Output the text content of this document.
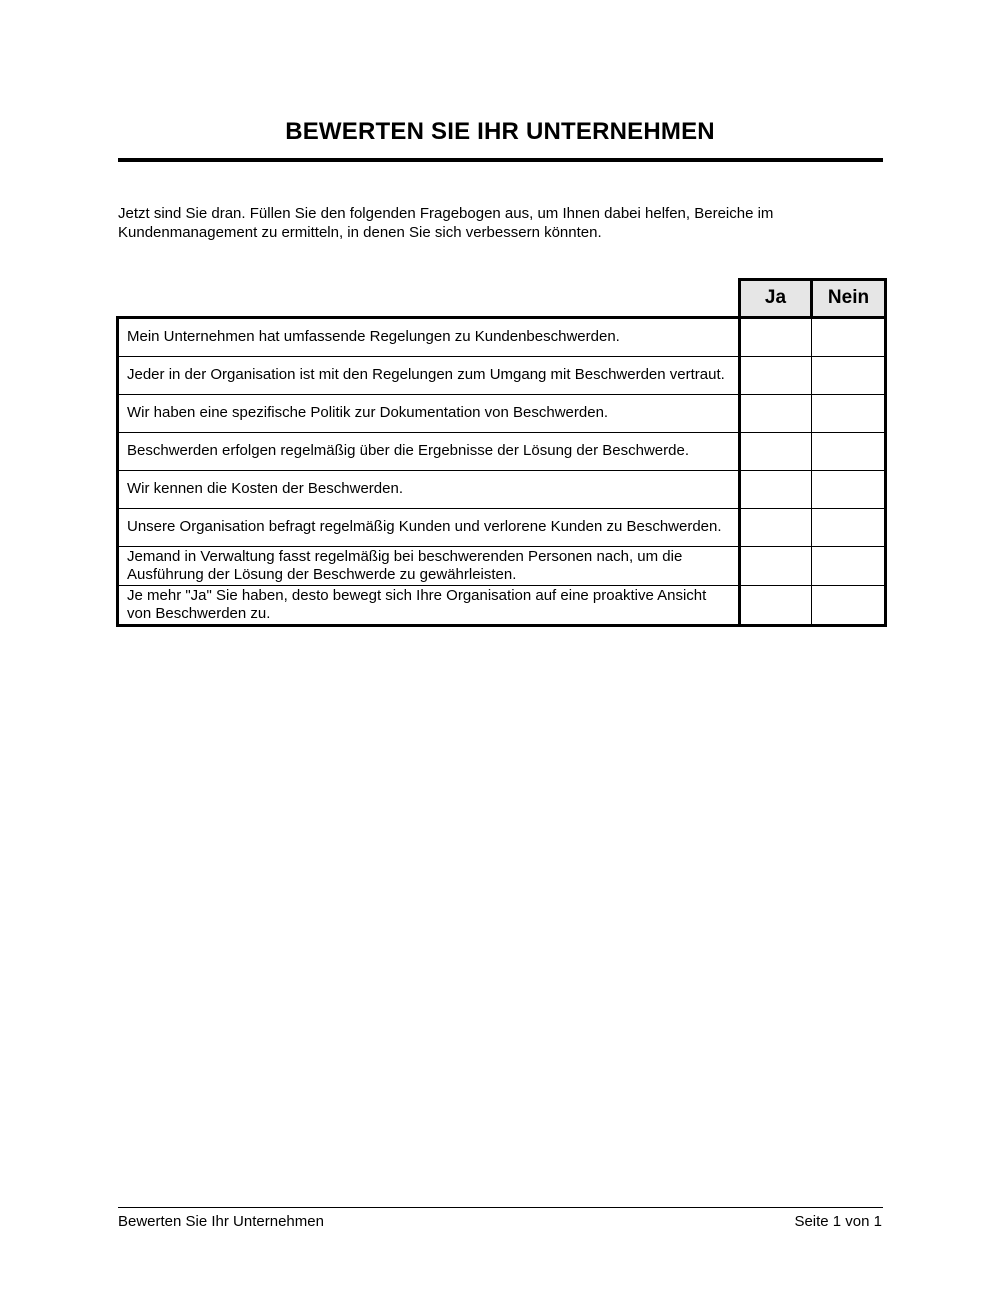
BEWERTEN SIE IHR UNTERNEHMEN

Jetzt sind Sie dran. Füllen Sie den folgenden Fragebogen aus, um Ihnen dabei helfen, Bereiche im Kundenmanagement zu ermitteln, in denen Sie sich verbessern könnten.

	Ja	Nein
Mein Unternehmen hat umfassende Regelungen zu Kundenbeschwerden.		
Jeder in der Organisation ist mit den Regelungen zum Umgang mit Beschwerden vertraut.		
Wir haben eine spezifische Politik zur Dokumentation von Beschwerden.		
Beschwerden erfolgen regelmäßig über die Ergebnisse der Lösung der Beschwerde.		
Wir kennen die Kosten der Beschwerden.		
Unsere Organisation befragt regelmäßig Kunden und verlorene Kunden zu Beschwerden.		
Jemand in Verwaltung fasst regelmäßig bei beschwerenden Personen nach, um die Ausführung der Lösung der Beschwerde zu gewährleisten.		
Je mehr "Ja" Sie haben, desto bewegt sich Ihre Organisation auf eine proaktive Ansicht von Beschwerden zu.		
Bewerten Sie Ihr Unternehmen	Seite 1 von 1
